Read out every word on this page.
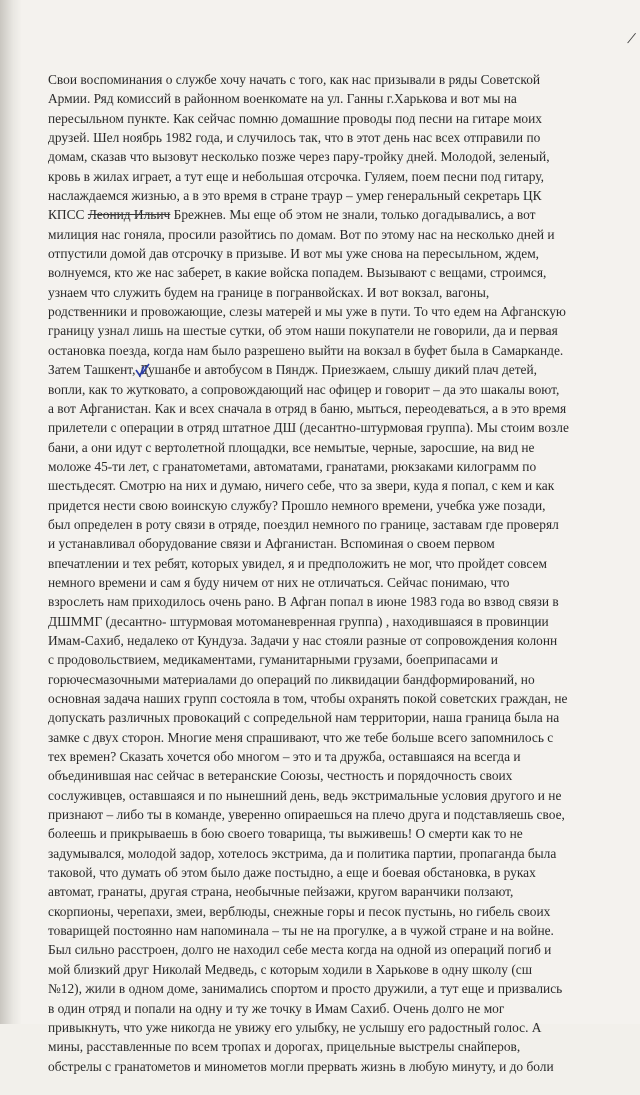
/
Свои воспоминания о службе хочу начать с того, как нас призывали в ряды Советской
Армии. Ряд комиссий в районном военкомате на ул. Ганны г.Харькова и вот мы на
пересыльном пункте. Как сейчас помню домашние проводы под песни на гитаре моих
друзей. Шел ноябрь 1982 года, и случилось так, что в этот день нас всех отправили по
домам, сказав что вызовут несколько позже через пару-тройку дней. Молодой, зеленый,
кровь в жилах играет, а тут еще и небольшая отсрочка. Гуляем, поем песни под гитару,
наслаждаемся жизнью, а в это время в стране траур – умер генеральный секретарь ЦК
КПСС Леонид Ильич Брежнев. Мы еще об этом не знали, только догадывались, а вот
милиция нас гоняла, просили разойтись по домам. Вот по этому нас на несколько дней и
отпустили домой дав отсрочку в призыве. И вот мы уже снова на пересыльном, ждем,
волнуемся, кто же нас заберет, в какие войска попадем. Вызывают с вещами, строимся,
узнаем что служить будем на границе в погранвойсках. И вот вокзал, вагоны,
родственники и провожающие, слезы матерей и мы уже в пути. То что едем на Афганскую
границу узнал лишь на шестые сутки, об этом наши покупатели не говорили, да и первая
остановка поезда, когда нам было разрешено выйти на вокзал в буфет была в Самарканде.
Затем Ташкент, Душанбе и автобусом в Пяндж. Приезжаем, слышу дикий плач детей,
вопли, как то жутковато, а сопровождающий нас офицер и говорит – да это шакалы воют,
а вот Афганистан. Как и всех сначала в отряд в баню, мыться, переодеваться, а в это время
прилетели с операции в отряд штатное ДШ (десантно-штурмовая группа). Мы стоим возле
бани, а они идут с вертолетной площадки, все немытые, черные, заросшие, на вид не
моложе 45-ти лет, с гранатометами, автоматами, гранатами, рюкзаками килограмм по
шестьдесят. Смотрю на них и думаю, ничего себе, что за звери, куда я попал, с кем и как
придется нести свою воинскую службу? Прошло немного времени, учебка уже позади,
был определен в роту связи в отряде, поездил немного по границе, заставам где проверял
и устанавливал оборудование связи и Афганистан. Вспоминая о своем первом
впечатлении и тех ребят, которых увидел, я и предположить не мог, что пройдет совсем
немного времени и сам я буду ничем от них не отличаться. Сейчас понимаю, что
взрослеть нам приходилось очень рано. В Афган попал в июне 1983 года во взвод связи в
ДШММГ (десантно- штурмовая мотоманевренная группа) , находившаяся в провинции
Имам-Сахиб, недалеко от Кундуза. Задачи у нас стояли разные от сопровождения колонн
с продовольствием, медикаментами, гуманитарными грузами, боеприпасами и
горючесмазочными материалами до операций по ликвидации бандформирований, но
основная задача наших групп состояла в том, чтобы охранять покой советских граждан, не
допускать различных провокаций с сопредельной нам территории, наша граница была на
замке с двух сторон. Многие меня спрашивают, что же тебе больше всего запомнилось с
тех времен? Сказать хочется обо многом – это и та дружба, оставшаяся на всегда и
объединившая нас сейчас в ветеранские Союзы, честность и порядочность своих
сослуживцев, оставшаяся и по нынешний день, ведь экстримальные условия другого и не
признают – либо ты в команде, уверенно опираешься на плечо друга и подставляешь свое,
болеешь и прикрываешь в бою своего товарища, ты выживешь! О смерти как то не
задумывался, молодой задор, хотелось экстрима, да и политика партии, пропаганда была
таковой, что думать об этом было даже постыдно, а еще и боевая обстановка, в руках
автомат, гранаты, другая страна, необычные пейзажи, кругом варанчики ползают,
скорпионы, черепахи, змеи, верблюды, снежные горы и песок пустынь, но гибель своих
товарищей постоянно нам напоминала – ты не на прогулке, а в чужой стране и на войне.
Был сильно расстроен, долго не находил себе места когда на одной из операций погиб и
мой близкий друг Николай Медведь, с которым ходили в Харькове в одну школу (сш
№12), жили в одном доме, занимались спортом и просто дружили, а тут еще и призвались
в один отряд и попали на одну и ту же точку в Имам Сахиб. Очень долго не мог
привыкнуть, что уже никогда не увижу его улыбку, не услышу его радостный голос. А
мины, расставленные по всем тропах и дорогах, прицельные выстрелы снайперов,
обстрелы с гранатометов и минометов могли прервать жизнь в любую минуту, и до боли
